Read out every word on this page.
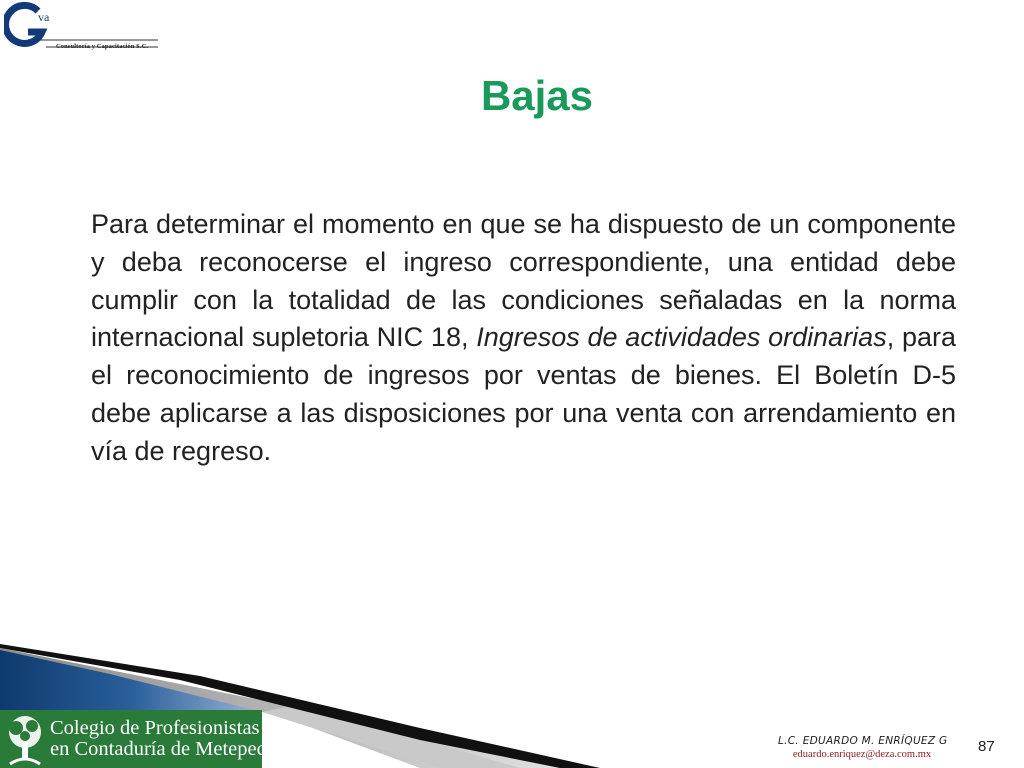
va
Consultoría y Capacitación S.C.
Bajas
Para determinar el momento en que se ha dispuesto de un componente y deba reconocerse el ingreso correspondiente, una entidad debe cumplir con la totalidad de las condiciones señaladas en la norma internacional supletoria NIC 18, Ingresos de actividades ordinarias, para el reconocimiento de ingresos por ventas de bienes. El Boletín D-5 debe aplicarse a las disposiciones por una venta con arrendamiento en vía de regreso.
Colegio de Profesionistas
en Contaduría de Metepec A.C.	L.C. EDUARDO M. ENRÍQUEZ G
eduardo.enriquez@deza.com.mx	87
